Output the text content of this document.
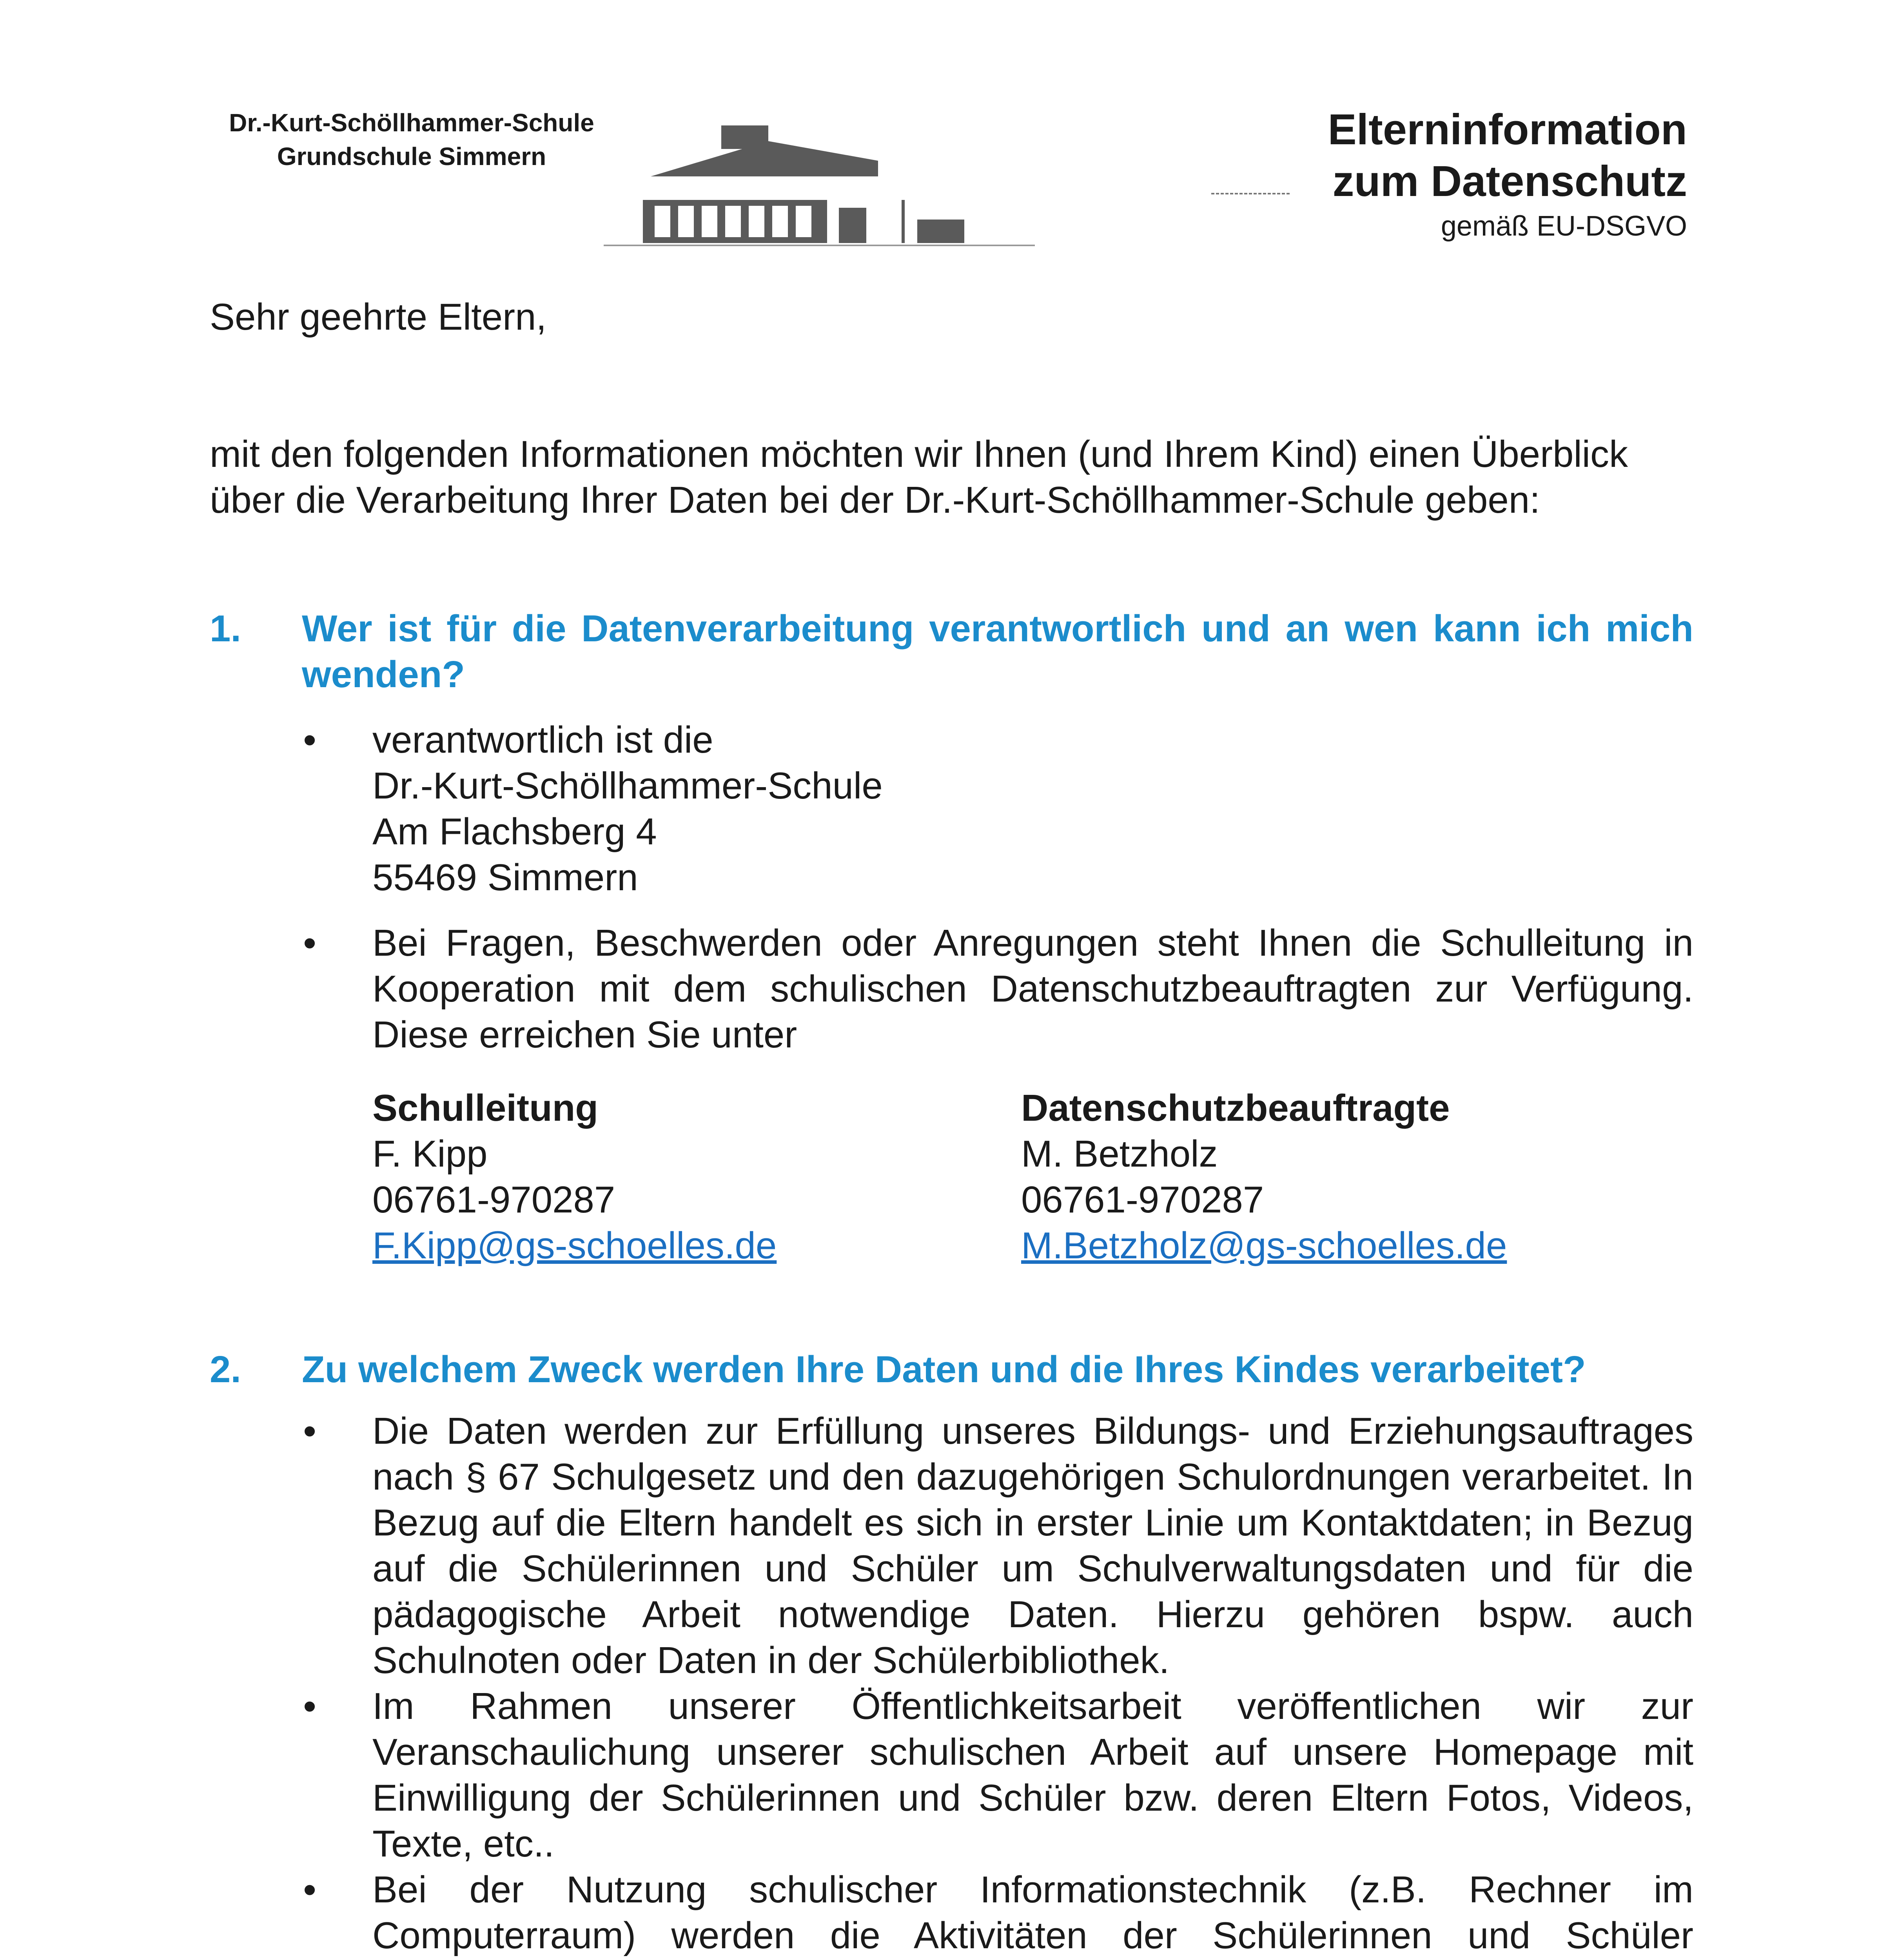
Dr.-Kurt-Schöllhammer-Schule
Grundschule Simmern
Elterninformation
zum Datenschutz
gemäß EU-DSGVO
Sehr geehrte Eltern,
mit den folgenden Informationen möchten wir Ihnen (und Ihrem Kind) einen Überblick über die Verarbeitung Ihrer Daten bei der Dr.-Kurt-Schöllhammer-Schule geben:
1.	Wer ist für die Datenverarbeitung verantwortlich und an wen kann ich mich wenden?
• verantwortlich ist die
Dr.-Kurt-Schöllhammer-Schule
Am Flachsberg 4
55469 Simmern
• Bei Fragen, Beschwerden oder Anregungen steht Ihnen die Schulleitung in Kooperation mit dem schulischen Datenschutzbeauftragten zur Verfügung. Diese erreichen Sie unter
Schulleitung
F. Kipp
06761-970287
F.Kipp@gs-schoelles.de
Datenschutzbeauftragte
M. Betzholz
06761-970287
M.Betzholz@gs-schoelles.de
2.	Zu welchem Zweck werden Ihre Daten und die Ihres Kindes verarbeitet?
• Die Daten werden zur Erfüllung unseres Bildungs- und Erziehungsauftrages nach § 67 Schulgesetz und den dazugehörigen Schulordnungen verarbeitet. In Bezug auf die Eltern handelt es sich in erster Linie um Kontaktdaten; in Bezug auf die Schülerinnen und Schüler um Schulverwaltungsdaten und für die pädagogische Arbeit notwendige Daten. Hierzu gehören bspw. auch Schulnoten oder Daten in der Schülerbibliothek.
• Im Rahmen unserer Öffentlichkeitsarbeit veröffentlichen wir zur Veranschaulichung unserer schulischen Arbeit auf unsere Homepage mit Einwilligung der Schülerinnen und Schüler bzw. deren Eltern Fotos, Videos, Texte, etc..
• Bei der Nutzung schulischer Informationstechnik (z.B. Rechner im Computerraum) werden die Aktivitäten der Schülerinnen und Schüler
